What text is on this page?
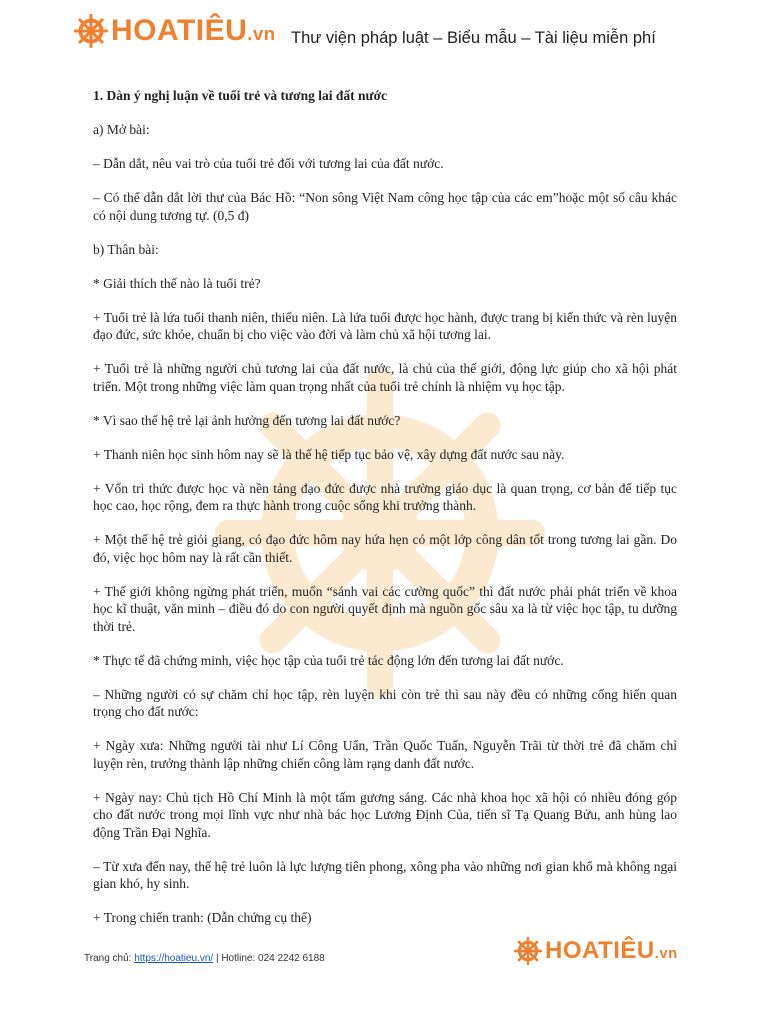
HOATIÊU.vn Thư viện pháp luật – Biểu mẫu – Tài liệu miễn phí

1. Dàn ý nghị luận về tuổi trẻ và tương lai đất nước

a) Mở bài:

– Dẫn dắt, nêu vai trò của tuổi trẻ đối với tương lai của đất nước.

– Có thể dẫn dắt lời thư của Bác Hồ: “Non sông Việt Nam công học tập của các em”hoặc một số câu khác có nội dung tương tự. (0,5 đ)

b) Thân bài:

* Giải thích thế nào là tuổi trẻ?

+ Tuổi trẻ là lứa tuổi thanh niên, thiếu niên. Là lứa tuổi được học hành, được trang bị kiến thức và rèn luyện đạo đức, sức khỏe, chuẩn bị cho việc vào đời và làm chủ xã hội tương lai.

+ Tuổi trẻ là những người chủ tương lai của đất nước, là chủ của thế giới, động lực giúp cho xã hội phát triển. Một trong những việc làm quan trọng nhất của tuổi trẻ chính là nhiệm vụ học tập.

* Vì sao thế hệ trẻ lại ảnh hưởng đến tương lai đất nước?

+ Thanh niên học sinh hôm nay sẽ là thế hệ tiếp tục bảo vệ, xây dựng đất nước sau này.

+ Vốn tri thức được học và nền tảng đạo đức được nhà trường giáo dục là quan trọng, cơ bản để tiếp tục học cao, học rộng, đem ra thực hành trong cuộc sống khi trưởng thành.

+ Một thế hệ trẻ giỏi giang, có đạo đức hôm nay hứa hẹn có một lớp công dân tốt trong tương lai gần. Do đó, việc học hôm nay là rất cần thiết.

+ Thế giới không ngừng phát triển, muốn “sánh vai các cường quốc” thì đất nước phải phát triển về khoa học kĩ thuật, văn minh – điều đó do con người quyết định mà nguồn gốc sâu xa là từ việc học tập, tu dưỡng thời trẻ.

* Thực tế đã chứng minh, việc học tập của tuổi trẻ tác động lớn đến tương lai đất nước.

– Những người có sự chăm chỉ học tập, rèn luyện khi còn trẻ thì sau này đều có những cống hiến quan trọng cho đất nước:

+ Ngày xưa: Những người tài như Lí Công Uẩn, Trần Quốc Tuấn, Nguyễn Trãi từ thời trẻ đã chăm chỉ luyện rèn, trưởng thành lập những chiến công làm rạng danh đất nước.

+ Ngày nay: Chủ tịch Hồ Chí Minh là một tấm gương sáng. Các nhà khoa học xã hội có nhiều đóng góp cho đất nước trong mọi lĩnh vực như nhà bác học Lương Định Của, tiến sĩ Tạ Quang Bửu, anh hùng lao động Trần Đại Nghĩa.

– Từ xưa đến nay, thế hệ trẻ luôn là lực lượng tiên phong, xông pha vào những nơi gian khổ mà không ngại gian khó, hy sinh.

+ Trong chiến tranh: (Dẫn chứng cụ thể)

Trang chủ: https://hoatieu.vn/ | Hotline: 024 2242 6188	HOATIÊU.vn
